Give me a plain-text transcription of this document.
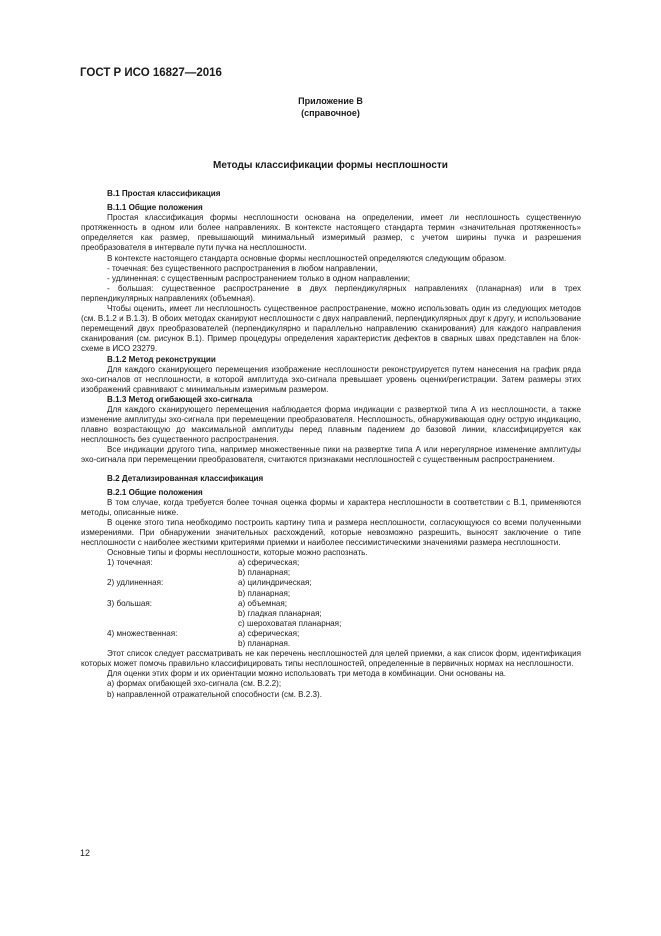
ГОСТ Р ИСО 16827—2016
Приложение В
(справочное)
Методы классификации формы несплошности
В.1 Простая классификация
В.1.1 Общие положения

Простая классификация формы несплошности основана на определении, имеет ли несплошность существенную протяженность в одном или более направлениях. В контексте настоящего стандарта термин «значительная протяженность» определяется как размер, превышающий минимальный измеримый размер, с учетом ширины пучка и разрешения преобразователя в интервале пути пучка на несплошности.

В контексте настоящего стандарта основные формы несплошностей определяются следующим образом.

- точечная: без существенного распространения в любом направлении,

- удлиненная: с существенным распространением только в одном направлении;

- большая: существенное распространение в двух перпендикулярных направлениях (планарная) или в трех перпендикулярных направлениях (объемная).

Чтобы оценить, имеет ли несплошность существенное распространение, можно использовать один из следующих методов (см. В.1.2 и В.1.3). В обоих методах сканируют несплошности с двух направлений, перпендикулярных друг к другу, и использование перемещений двух преобразователей (перпендикулярно и параллельно направлению сканирования) для каждого направления сканирования (см. рисунок В.1). Пример процедуры определения характеристик дефектов в сварных швах представлен на блок-схеме в ИСО 23279.

В.1.2 Метод реконструкции

Для каждого сканирующего перемещения изображение несплошности реконструируется путем нанесения на график ряда эхо-сигналов от несплошности, в которой амплитуда эхо-сигнала превышает уровень оценки/регистрации. Затем размеры этих изображений сравнивают с минимальным измеримым размером.

В.1.3 Метод огибающей эхо-сигнала

Для каждого сканирующего перемещения наблюдается форма индикации с разверткой типа А из несплошности, а также изменение амплитуды эхо-сигнала при перемещении преобразователя. Несплошность, обнаруживающая одну острую индикацию, плавно возрастающую до максимальной амплитуды перед плавным падением до базовой линии, классифицируется как несплошность без существенного распространения.

Все индикации другого типа, например множественные пики на развертке типа А или нерегулярное изменение амплитуды эхо-сигнала при перемещении преобразователя, считаются признаками несплошностей с существенным распространением.

В.2 Детализированная классификация
В.2.1 Общие положения

В том случае, когда требуется более точная оценка формы и характера несплошности в соответствии с В.1, применяются методы, описанные ниже.

В оценке этого типа необходимо построить картину типа и размера несплошности, согласующуюся со всеми полученными измерениями. При обнаружении значительных расхождений, которые невозможно разрешить, выносят заключение о типе несплошности с наиболее жесткими критериями приемки и наиболее пессимистическими значениями размера несплошности.

Основные типы и формы несплошности, которые можно распознать.

1) точечная:	а) сферическая;
b) планарная;
2) удлиненная:	а) цилиндрическая;
b) планарная;
3) большая:	а) объемная;
b) гладкая планарная;
с) шероховатая планарная;
4) множественная:	а) сферическая;
b) планарная.

Этот список следует рассматривать не как перечень несплошностей для целей приемки, а как список форм, идентификация которых может помочь правильно классифицировать типы несплошностей, определенные в первичных нормах на несплошности.

Для оценки этих форм и их ориентации можно использовать три метода в комбинации. Они основаны на.

а) формах огибающей эхо-сигнала (см. В.2.2);

b) направленной отражательной способности (см. В.2.3).

12
